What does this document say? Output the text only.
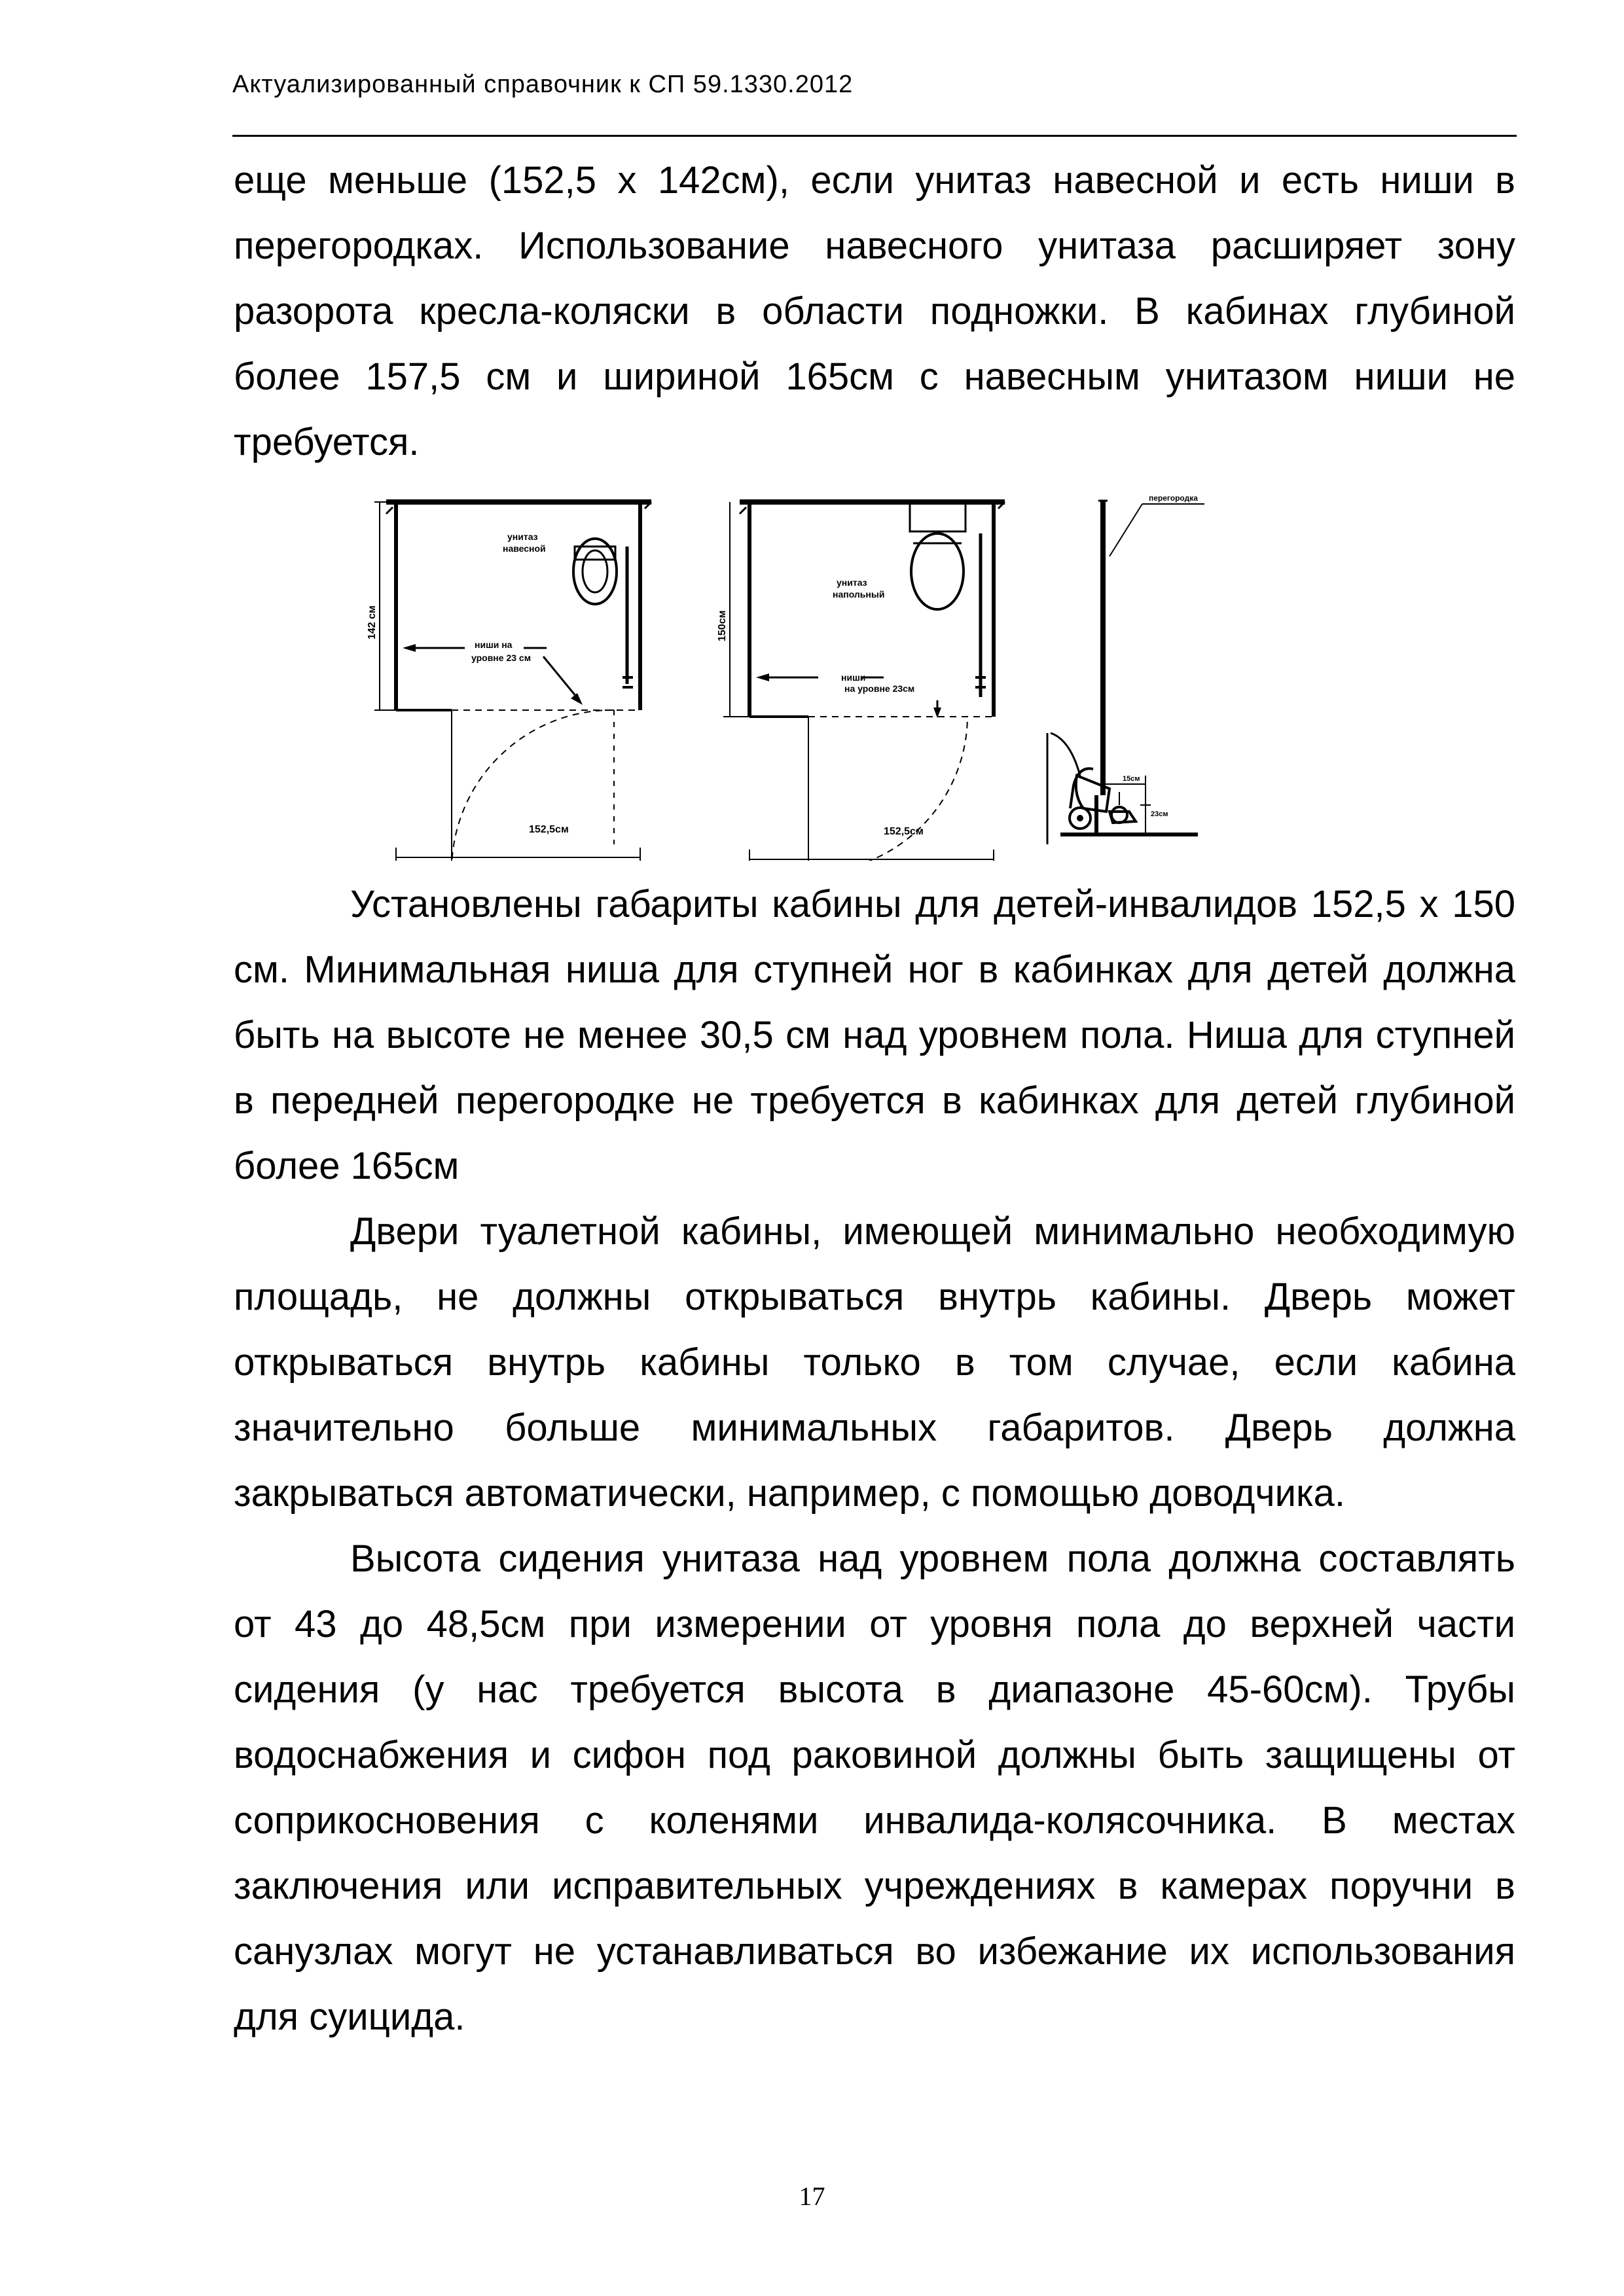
Актуализированный справочник к СП 59.1330.2012

еще меньше (152,5 х 142см), если унитаз навесной и есть ниши в
перегородках. Использование навесного унитаза расширяет зону
разорота кресла-коляски в области подножки. В кабинах глубиной
более 157,5 см и шириной 165см с навесным унитазом ниши не
требуется.

унитаз
навесной
ниши на
уровне 23 см
142 см
152,5см
унитаз
напольный
ниши
на уровне 23см
150см
152,5см
перегородка
15см
23см

Установлены габариты кабины для детей-инвалидов 152,5 х 150
см. Минимальная ниша для ступней ног в кабинках для детей должна
быть на высоте не менее 30,5 см над уровнем пола. Ниша для ступней
в передней перегородке не требуется в кабинках для детей глубиной
более 165см

Двери туалетной кабины, имеющей минимально необходимую
площадь, не должны открываться внутрь кабины. Дверь может
открываться внутрь кабины только в том случае, если кабина
значительно больше минимальных габаритов. Дверь должна
закрываться автоматически, например, с помощью доводчика.

Высота сидения унитаза над уровнем пола должна составлять
от 43 до 48,5см при измерении от уровня пола до верхней части
сидения (у нас требуется высота в диапазоне 45-60см). Трубы
водоснабжения и сифон под раковиной должны быть защищены от
соприкосновения с коленями инвалида-колясочника. В местах
заключения или исправительных учреждениях в камерах поручни в
санузлах могут не устанавливаться во избежание их использования
для суицида.

17
